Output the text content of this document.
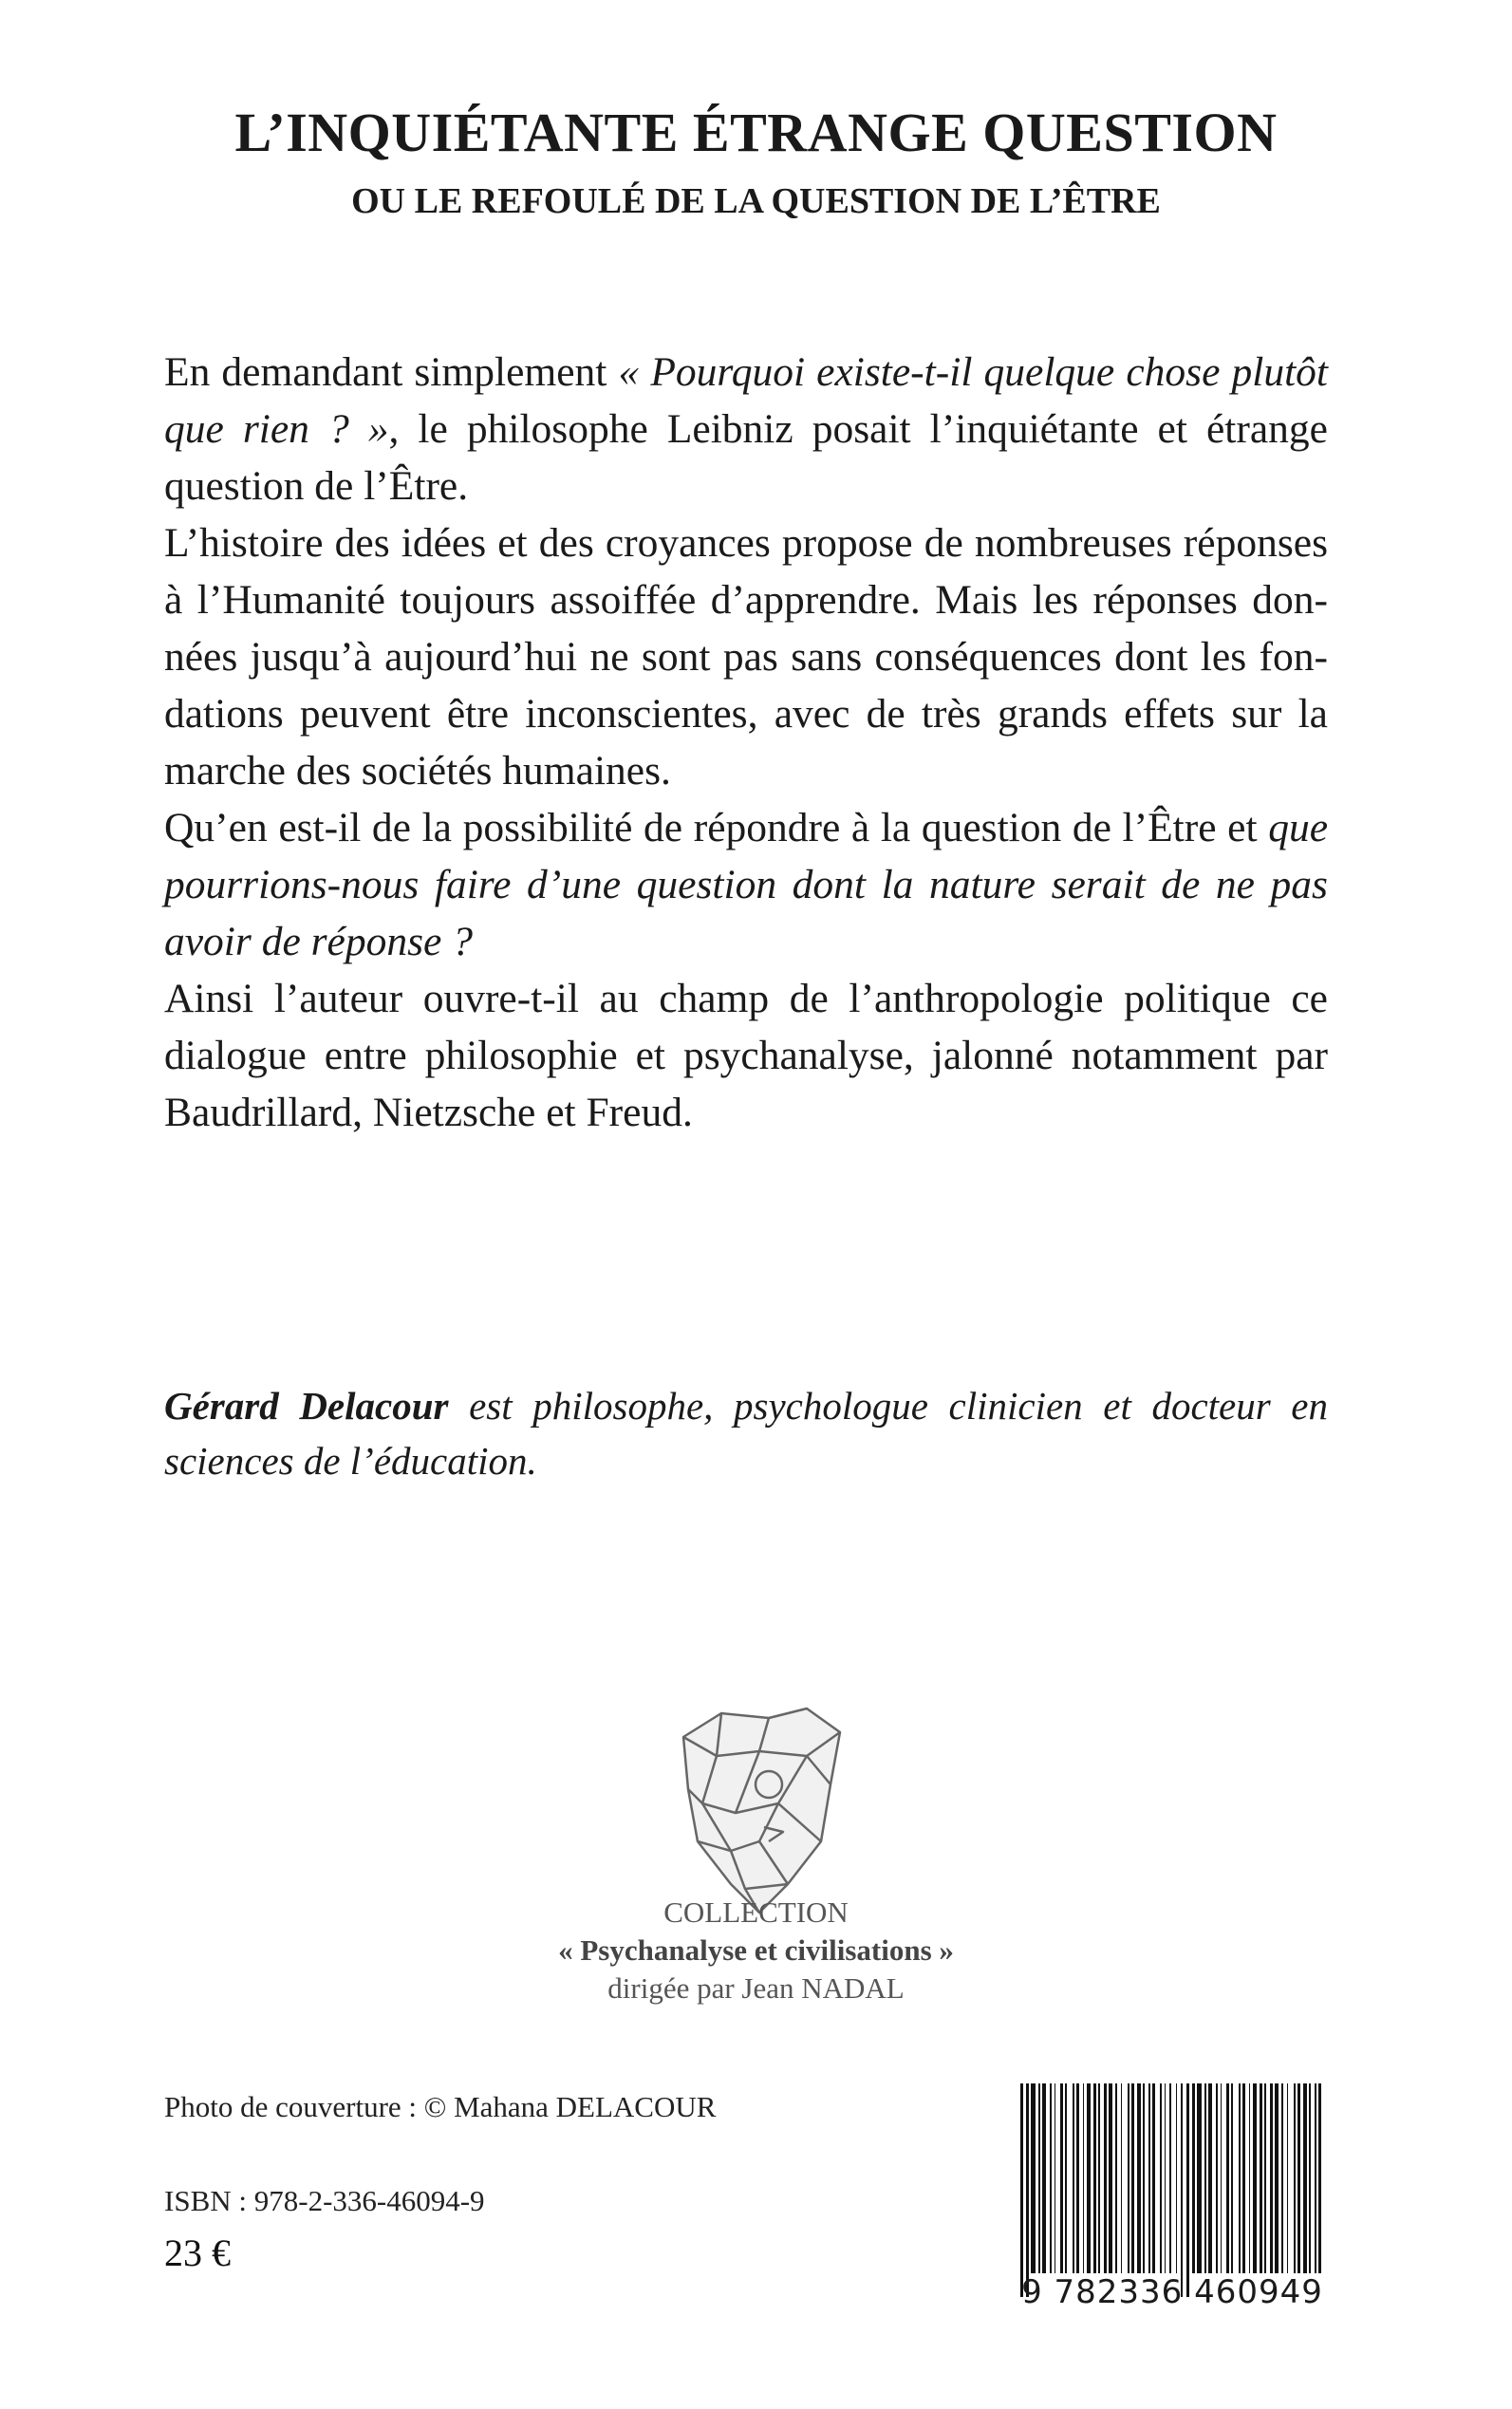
L’INQUIÉTANTE ÉTRANGE QUESTION
OU LE REFOULÉ DE LA QUESTION DE L’ÊTRE

En demandant simplement « Pourquoi existe-t-il quelque chose plutôt que rien ? », le philosophe Leibniz posait l’inquiétante et étrange question de l’Être.

L’histoire des idées et des croyances propose de nombreuses réponses à l’Humanité toujours assoiffée d’apprendre. Mais les réponses données jusqu’à aujourd’hui ne sont pas sans conséquences dont les fondations peuvent être inconscientes, avec de très grands effets sur la marche des sociétés humaines.

Qu’en est-il de la possibilité de répondre à la question de l’Être et que pourrions-nous faire d’une question dont la nature serait de ne pas avoir de réponse ?

Ainsi l’auteur ouvre-t-il au champ de l’anthropologie politique ce dialogue entre philosophie et psychanalyse, jalonné notamment par Baudrillard, Nietzsche et Freud.

Gérard Delacour est philosophe, psychologue clinicien et docteur en sciences de l’éducation.

COLLECTION
« Psychanalyse et civilisations »
dirigée par Jean NADAL
Photo de couverture : © Mahana DELACOUR
ISBN : 978-2-336-46094-9
23 €
9 782336 460949
